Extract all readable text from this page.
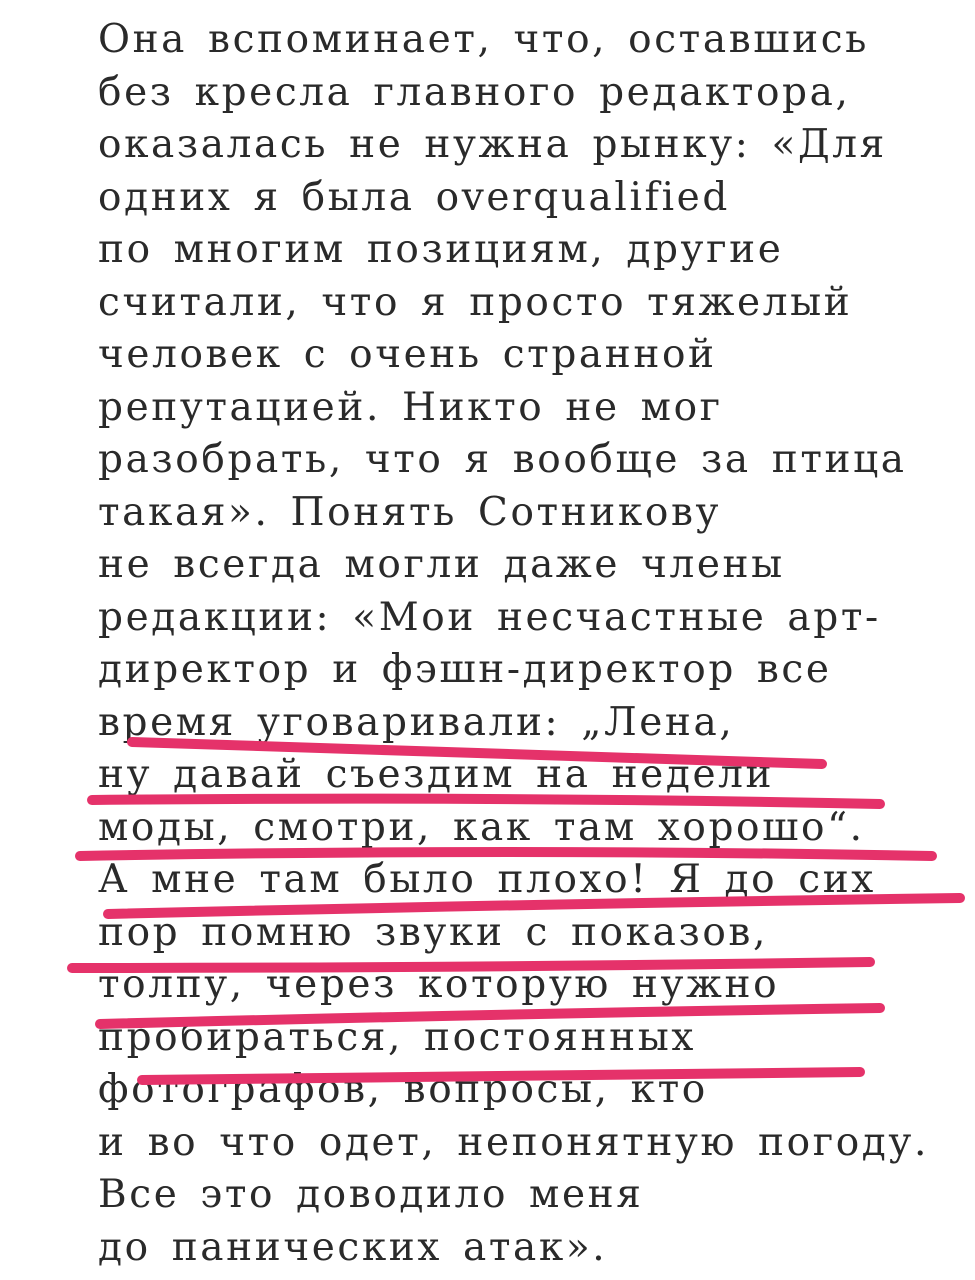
Она вспоминает, что, оставшись
без кресла главного редактора,
оказалась не нужна рынку: «Для
одних я была overqualified
по многим позициям, другие
считали, что я просто тяжелый
человек с очень странной
репутацией. Никто не мог
разобрать, что я вообще за птица
такая». Понять Сотникову
не всегда могли даже члены
редакции: «Мои несчастные арт-
директор и фэшн-директор все
время уговаривали: „Лена,
ну давай съездим на недели
моды, смотри, как там хорошо“.
А мне там было плохо! Я до сих
пор помню звуки с показов,
толпу, через которую нужно
пробираться, постоянных
фотографов, вопросы, кто
и во что одет, непонятную погоду.
Все это доводило меня
до панических атак».
